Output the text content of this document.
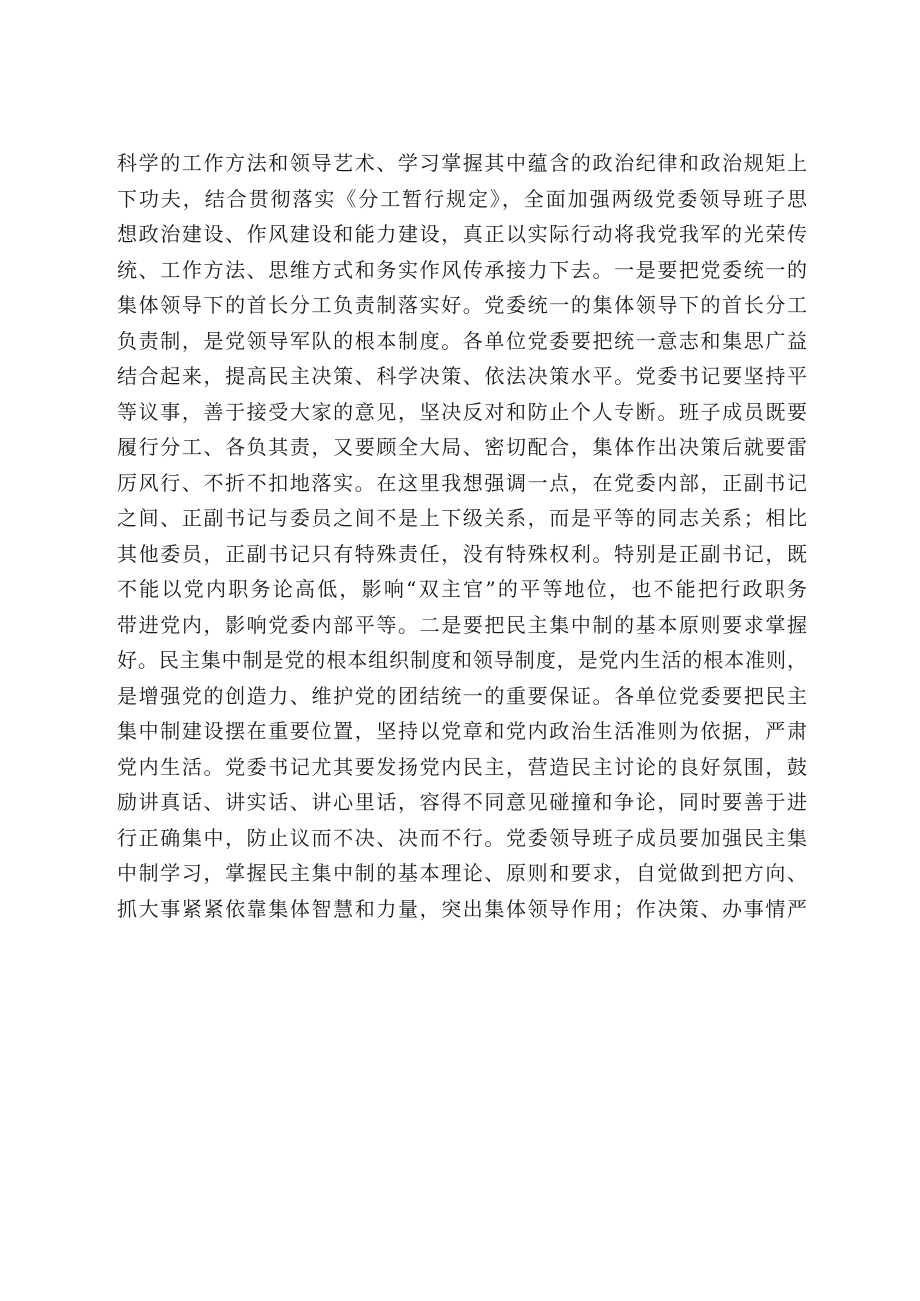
科学的工作方法和领导艺术、学习掌握其中蕴含的政治纪律和政治规矩上
下功夫，结合贯彻落实《分工暂行规定》，全面加强两级党委领导班子思
想政治建设、作风建设和能力建设，真正以实际行动将我党我军的光荣传
统、工作方法、思维方式和务实作风传承接力下去。一是要把党委统一的
集体领导下的首长分工负责制落实好。党委统一的集体领导下的首长分工
负责制，是党领导军队的根本制度。各单位党委要把统一意志和集思广益
结合起来，提高民主决策、科学决策、依法决策水平。党委书记要坚持平
等议事，善于接受大家的意见，坚决反对和防止个人专断。班子成员既要
履行分工、各负其责，又要顾全大局、密切配合，集体作出决策后就要雷
厉风行、不折不扣地落实。在这里我想强调一点，在党委内部，正副书记
之间、正副书记与委员之间不是上下级关系，而是平等的同志关系；相比
其他委员，正副书记只有特殊责任，没有特殊权利。特别是正副书记，既
不能以党内职务论高低，影响“双主官”的平等地位，也不能把行政职务
带进党内，影响党委内部平等。二是要把民主集中制的基本原则要求掌握
好。民主集中制是党的根本组织制度和领导制度，是党内生活的根本准则，
是增强党的创造力、维护党的团结统一的重要保证。各单位党委要把民主
集中制建设摆在重要位置，坚持以党章和党内政治生活准则为依据，严肃
党内生活。党委书记尤其要发扬党内民主，营造民主讨论的良好氛围，鼓
励讲真话、讲实话、讲心里话，容得不同意见碰撞和争论，同时要善于进
行正确集中，防止议而不决、决而不行。党委领导班子成员要加强民主集
中制学习，掌握民主集中制的基本理论、原则和要求，自觉做到把方向、
抓大事紧紧依靠集体智慧和力量，突出集体领导作用；作决策、办事情严
